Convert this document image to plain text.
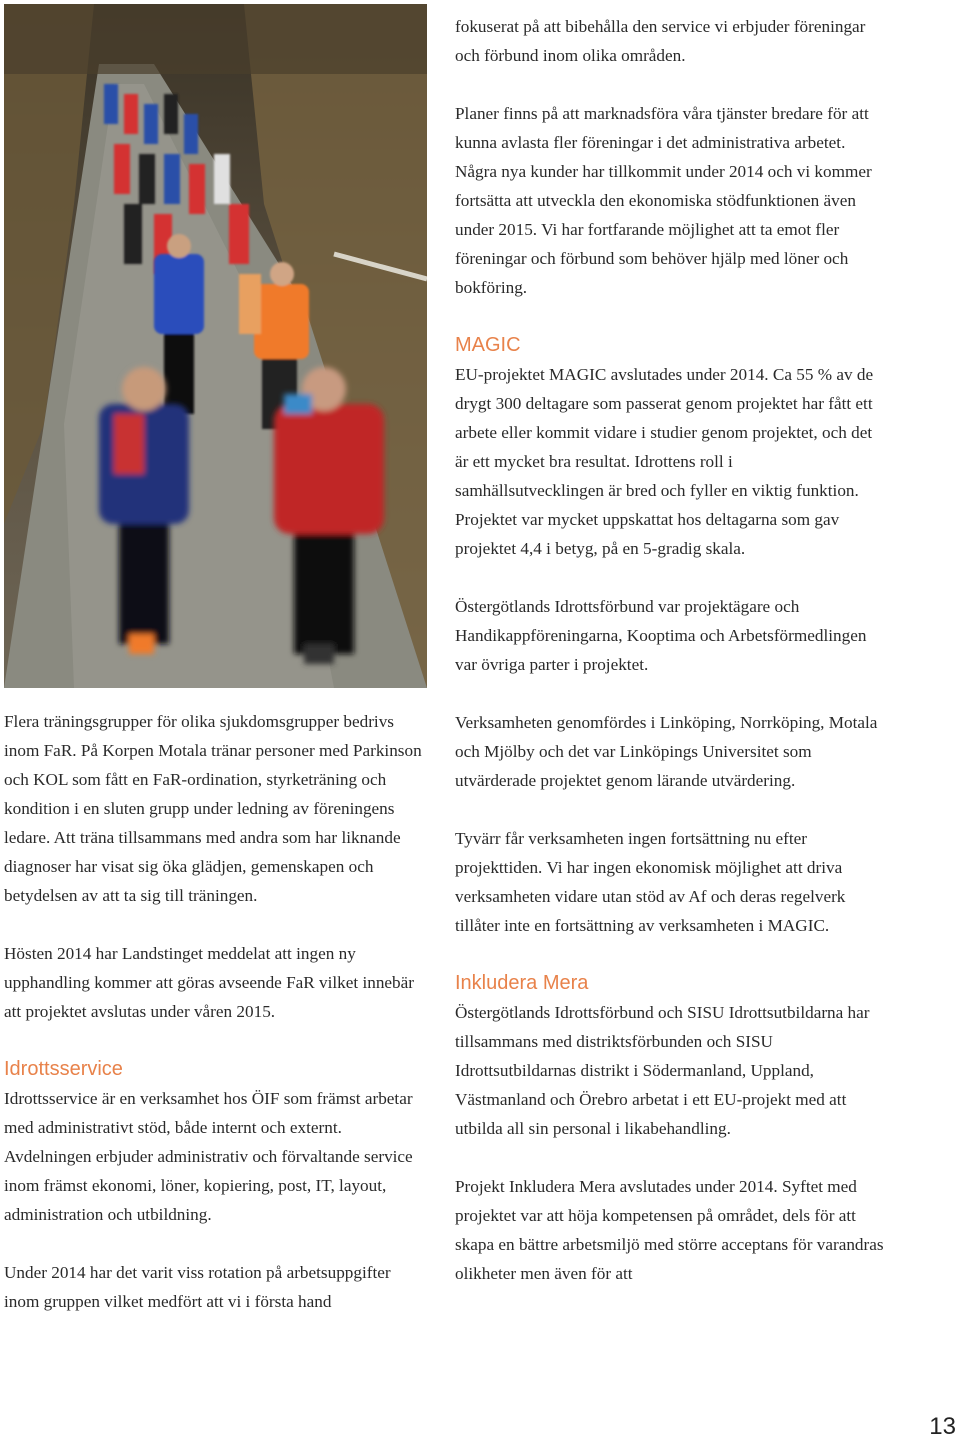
Flera träningsgrupper för olika sjukdomsgrupper bedrivs inom FaR. På Korpen Motala tränar personer med Parkinson och KOL som fått en FaR-ordination, styrketräning och kondition i en sluten grupp under ledning av föreningens ledare. Att träna tillsammans med andra som har liknande diagnoser har visat sig öka glädjen, gemenskapen och betydelsen av att ta sig till träningen.

Hösten 2014 har Landstinget meddelat att ingen ny upphandling kommer att göras avseende FaR vilket innebär att projektet avslutas under våren 2015.

Idrottsservice

Idrottsservice är en verksamhet hos ÖIF som främst arbetar med administrativt stöd, både internt och externt. Avdelningen erbjuder administrativ och förvaltande service inom främst ekonomi, löner, kopiering, post, IT, layout, administration och utbildning.

Under 2014 har det varit viss rotation på arbetsuppgifter inom gruppen vilket medfört att vi i första hand

fokuserat på att bibehålla den service vi erbjuder föreningar och förbund inom olika områden.

Planer finns på att marknadsföra våra tjänster bredare för att kunna avlasta fler föreningar i det administrativa arbetet. Några nya kunder har tillkommit under 2014 och vi kommer fortsätta att utveckla den ekonomiska stödfunktionen även under 2015. Vi har fortfarande möjlighet att ta emot fler föreningar och förbund som behöver hjälp med löner och bokföring.

MAGIC

EU-projektet MAGIC avslutades under 2014. Ca 55 % av de drygt 300 deltagare som passerat genom projektet har fått ett arbete eller kommit vidare i studier genom projektet, och det är ett mycket bra resultat. Idrottens roll i samhällsutvecklingen är bred och fyller en viktig funktion. Projektet var mycket uppskattat hos deltagarna som gav projektet 4,4 i betyg, på en 5-gradig skala.

Östergötlands Idrottsförbund var projektägare och Handikappföreningarna, Kooptima och Arbetsförmedlingen var övriga parter i projektet.

Verksamheten genomfördes i Linköping, Norrköping, Motala och Mjölby och det var Linköpings Universitet som utvärderade projektet genom lärande utvärdering.

Tyvärr får verksamheten ingen fortsättning nu efter projekttiden. Vi har ingen ekonomisk möjlighet att driva verksamheten vidare utan stöd av Af och deras regelverk tillåter inte en fortsättning av verksamheten i MAGIC.

Inkludera Mera

Östergötlands Idrottsförbund och SISU Idrottsutbildarna har tillsammans med distriktsförbunden och SISU Idrottsutbildarnas distrikt i Södermanland, Uppland, Västmanland och Örebro arbetat i ett EU-projekt med att utbilda all sin personal i likabehandling.

Projekt Inkludera Mera avslutades under 2014. Syftet med projektet var att höja kompetensen på området, dels för att skapa en bättre arbetsmiljö med större acceptans för varandras olikheter men även för att

13
